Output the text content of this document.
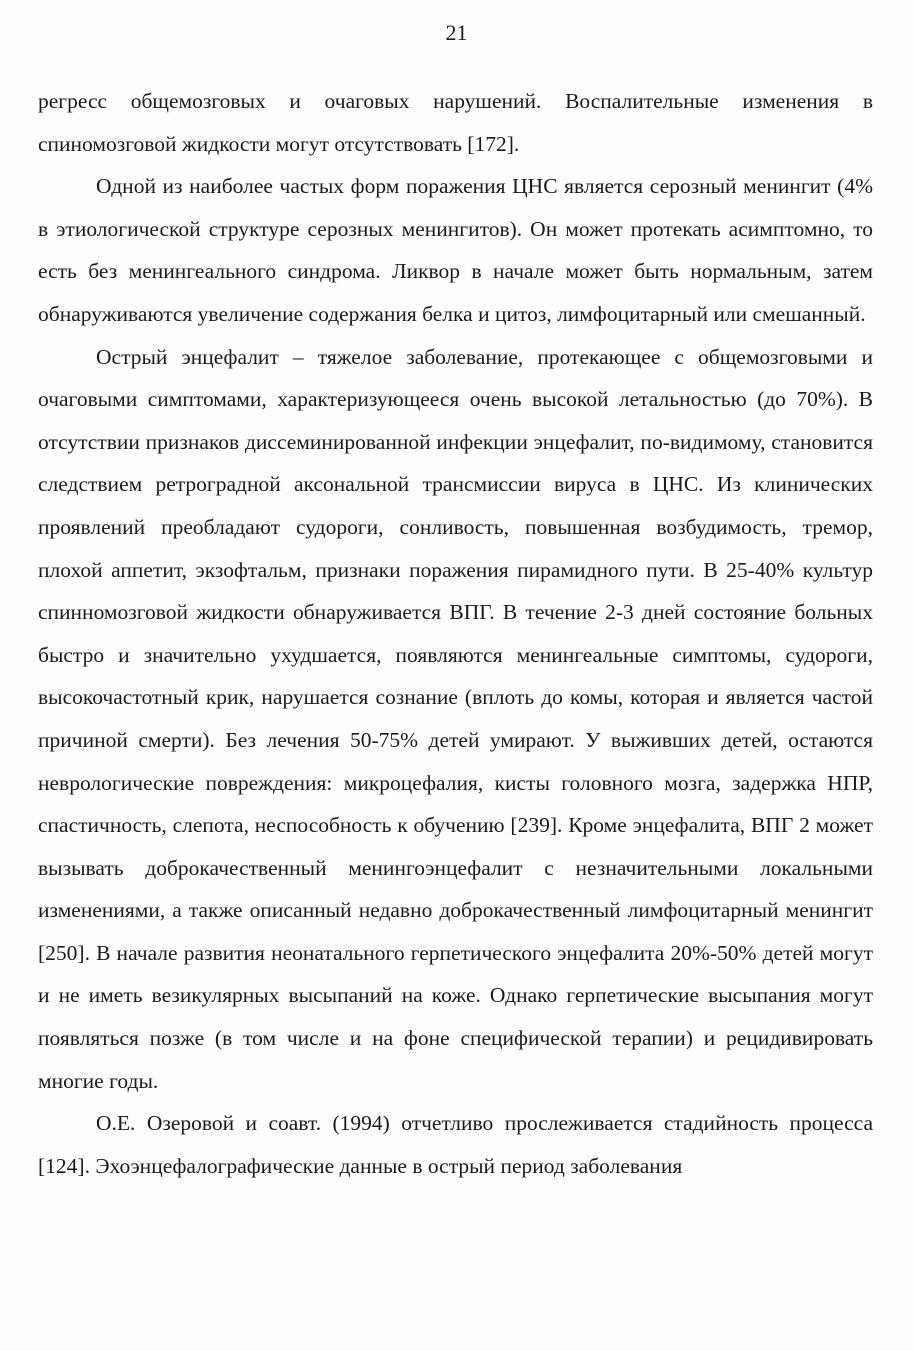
21

регресс общемозговых и очаговых нарушений. Воспалительные изменения в спиномозговой жидкости могут отсутствовать [172].

Одной из наиболее частых форм поражения ЦНС является серозный менингит (4% в этиологической структуре серозных менингитов). Он может протекать асимптомно, то есть без менингеального синдрома. Ликвор в начале может быть нормальным, затем обнаруживаются увеличение содержания белка и цитоз, лимфоцитарный или смешанный.

Острый энцефалит – тяжелое заболевание, протекающее с общемозговыми и очаговыми симптомами, характеризующееся очень высокой летальностью (до 70%). В отсутствии признаков диссеминированной инфекции энцефалит, по-видимому, становится следствием ретроградной аксональной трансмиссии вируса в ЦНС. Из клинических проявлений преобладают судороги, сонливость, повышенная возбудимость, тремор, плохой аппетит, экзофтальм, признаки поражения пирамидного пути. В 25-40% культур спинномозговой жидкости обнаруживается ВПГ. В течение 2-3 дней состояние больных быстро и значительно ухудшается, появляются менингеальные симптомы, судороги, высокочастотный крик, нарушается сознание (вплоть до комы, которая и является частой причиной смерти). Без лечения 50-75% детей умирают. У выживших детей, остаются неврологические повреждения: микроцефалия, кисты головного мозга, задержка НПР, спастичность, слепота, неспособность к обучению [239]. Кроме энцефалита, ВПГ 2 может вызывать доброкачественный менингоэнцефалит с незначительными локальными изменениями, а также описанный недавно доброкачественный лимфоцитарный менингит [250]. В начале развития неонатального герпетического энцефалита 20%-50% детей могут и не иметь везикулярных высыпаний на коже. Однако герпетические высыпания могут появляться позже (в том числе и на фоне специфической терапии) и рецидивировать многие годы.

О.Е. Озеровой и соавт. (1994) отчетливо прослеживается стадийность процесса [124]. Эхоэнцефалографические данные в острый период заболевания
